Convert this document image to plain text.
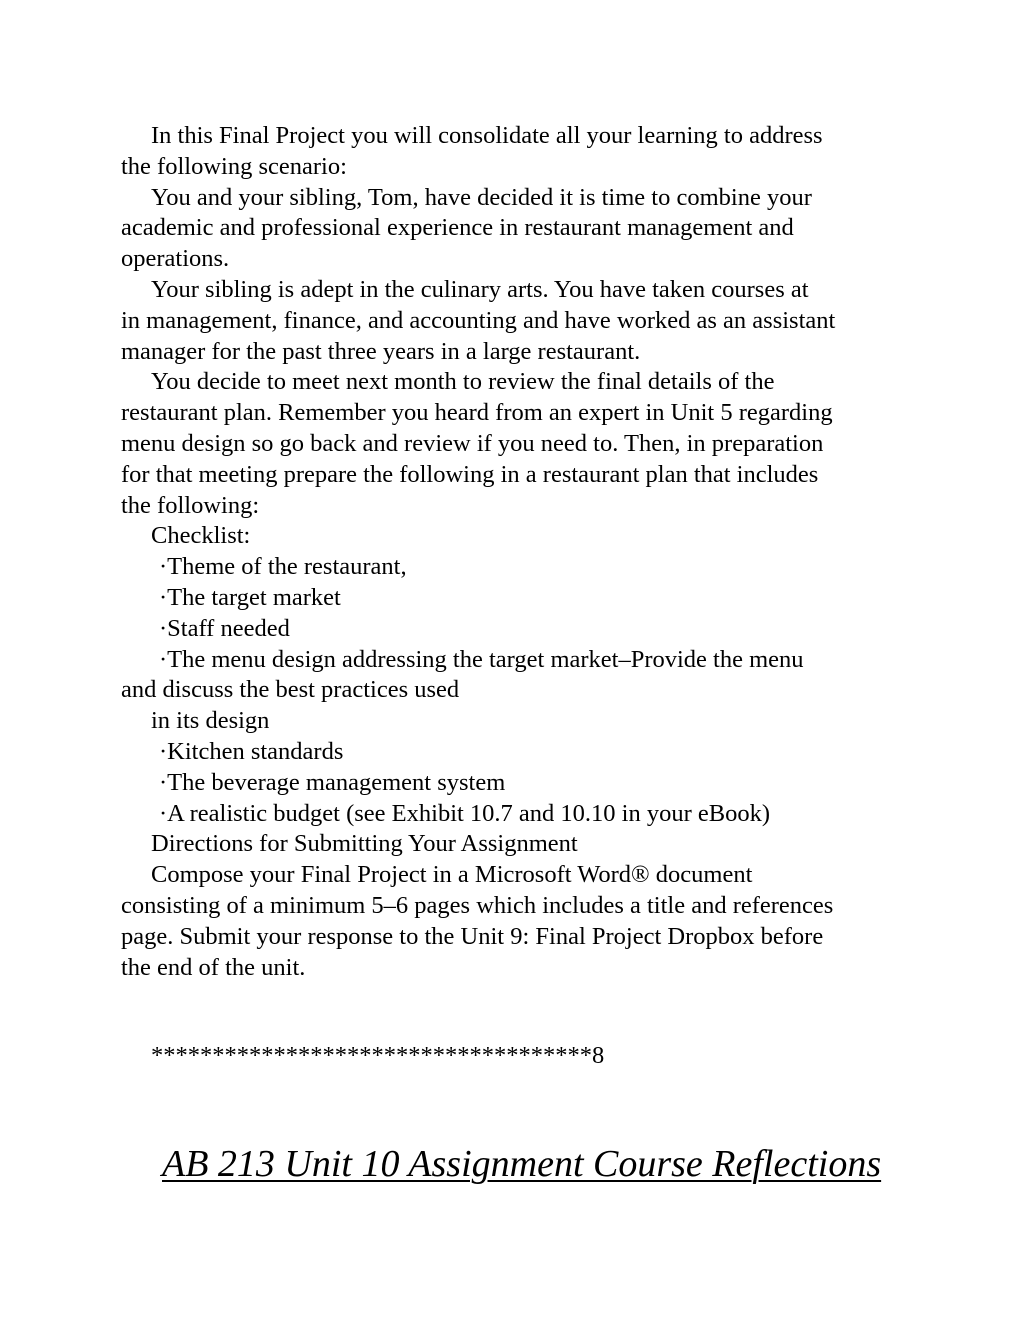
In this Final Project you will consolidate all your learning to address
the following scenario:
You and your sibling, Tom, have decided it is time to combine your
academic and professional experience in restaurant management and
operations.
Your sibling is adept in the culinary arts. You have taken courses at
in management, finance, and accounting and have worked as an assistant
manager for the past three years in a large restaurant.
You decide to meet next month to review the final details of the
restaurant plan. Remember you heard from an expert in Unit 5 regarding
menu design so go back and review if you need to. Then, in preparation
for that meeting prepare the following in a restaurant plan that includes
the following:
Checklist:
·Theme of the restaurant,
·The target market
·Staff needed
·The menu design addressing the target market–Provide the menu
and discuss the best practices used
in its design
·Kitchen standards
·The beverage management system
·A realistic budget (see Exhibit 10.7 and 10.10 in your eBook)
Directions for Submitting Your Assignment
Compose your Final Project in a Microsoft Word® document
consisting of a minimum 5–6 pages which includes a title and references
page. Submit your response to the Unit 9: Final Project Dropbox before
the end of the unit.
************************************8
AB 213 Unit 10 Assignment Course Reflections
